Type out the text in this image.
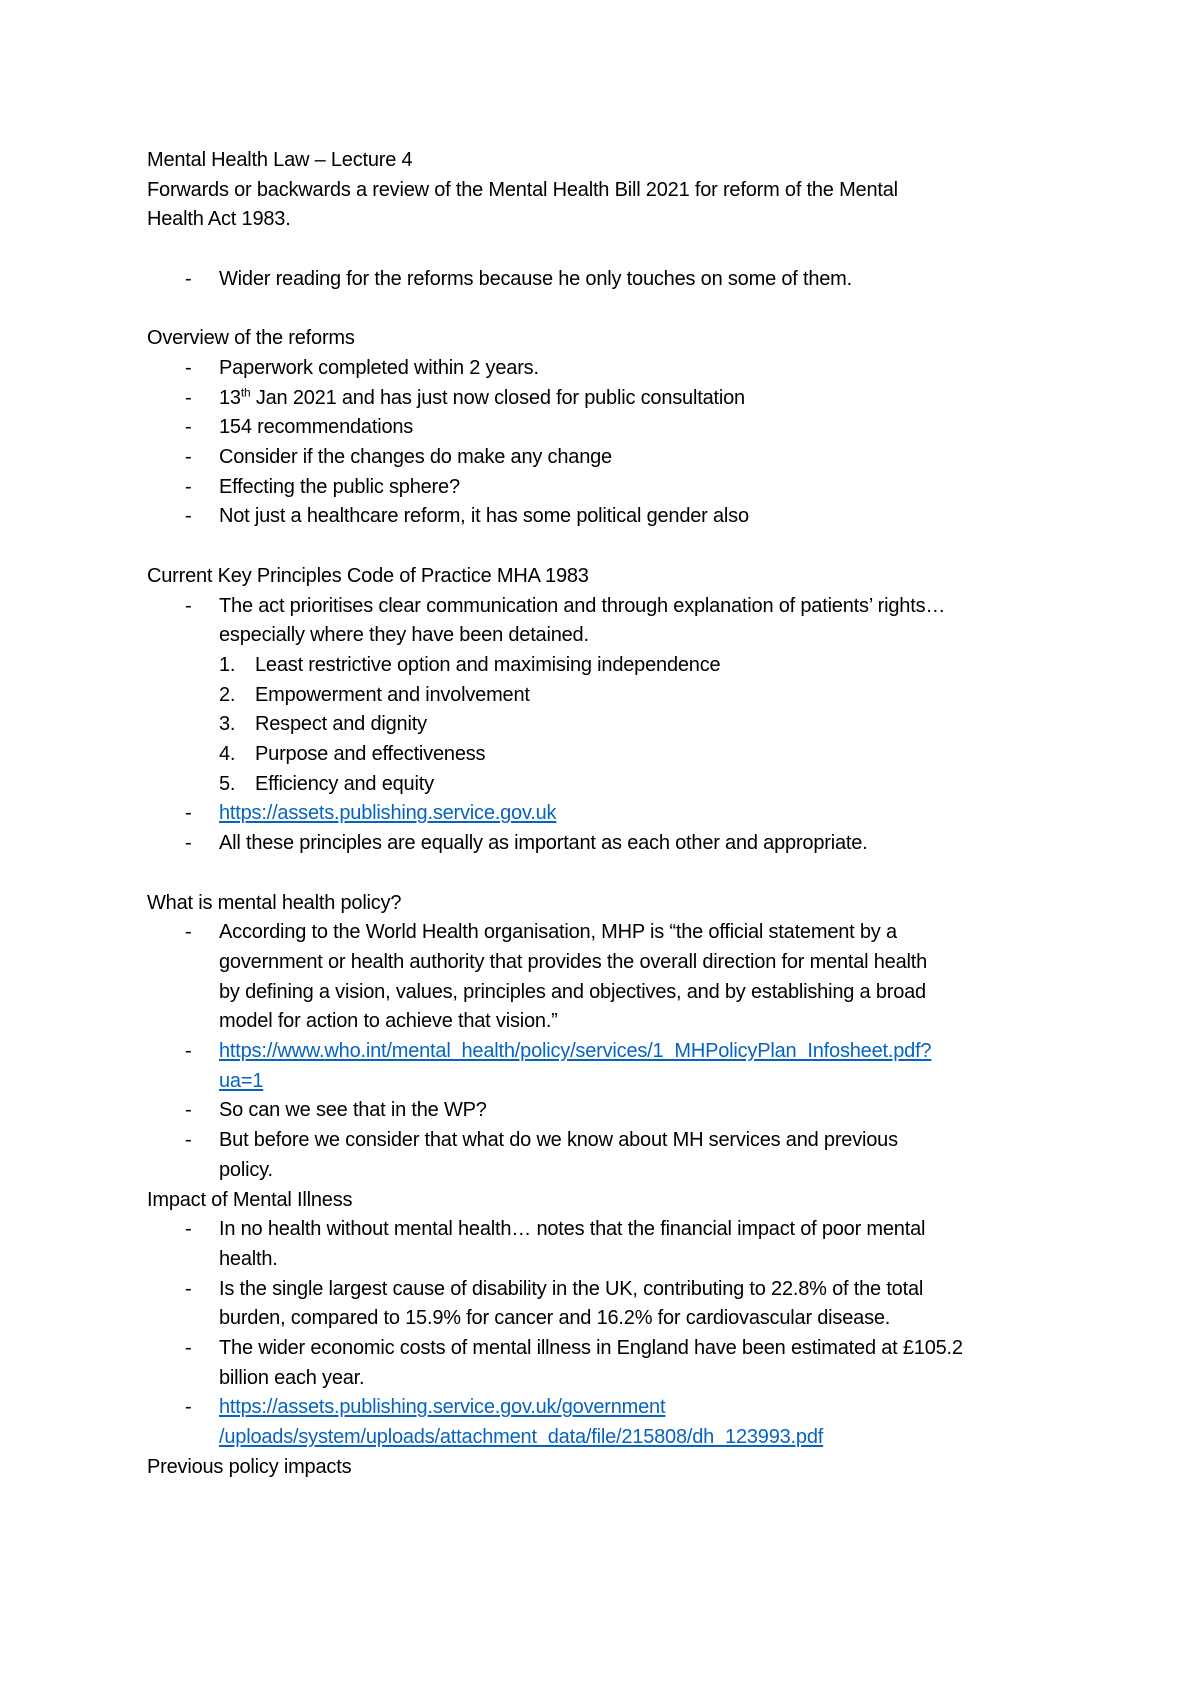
Mental Health Law – Lecture 4

Forwards or backwards a review of the Mental Health Bill 2021 for reform of the Mental

Health Act 1983.

- Wider reading for the reforms because he only touches on some of them.

Overview of the reforms

- Paperwork completed within 2 years.
- 13th Jan 2021 and has just now closed for public consultation
- 154 recommendations
- Consider if the changes do make any change
- Effecting the public sphere?
- Not just a healthcare reform, it has some political gender also

Current Key Principles Code of Practice MHA 1983

- The act prioritises clear communication and through explanation of patients’ rights…
especially where they have been detained.
1. Least restrictive option and maximising independence
2. Empowerment and involvement
3. Respect and dignity
4. Purpose and effectiveness
5. Efficiency and equity
- https://assets.publishing.service.gov.uk
- All these principles are equally as important as each other and appropriate.

What is mental health policy?

- According to the World Health organisation, MHP is “the official statement by a
government or health authority that provides the overall direction for mental health
by defining a vision, values, principles and objectives, and by establishing a broad
model for action to achieve that vision.”
- https://www.who.int/mental_health/policy/services/1_MHPolicyPlan_Infosheet.pdf?
ua=1
- So can we see that in the WP?
- But before we consider that what do we know about MH services and previous
policy.

Impact of Mental Illness

- In no health without mental health… notes that the financial impact of poor mental
health.
- Is the single largest cause of disability in the UK, contributing to 22.8% of the total
burden, compared to 15.9% for cancer and 16.2% for cardiovascular disease.
- The wider economic costs of mental illness in England have been estimated at £105.2
billion each year.
- https://assets.publishing.service.gov.uk/government
/uploads/system/uploads/attachment_data/file/215808/dh_123993.pdf

Previous policy impacts
